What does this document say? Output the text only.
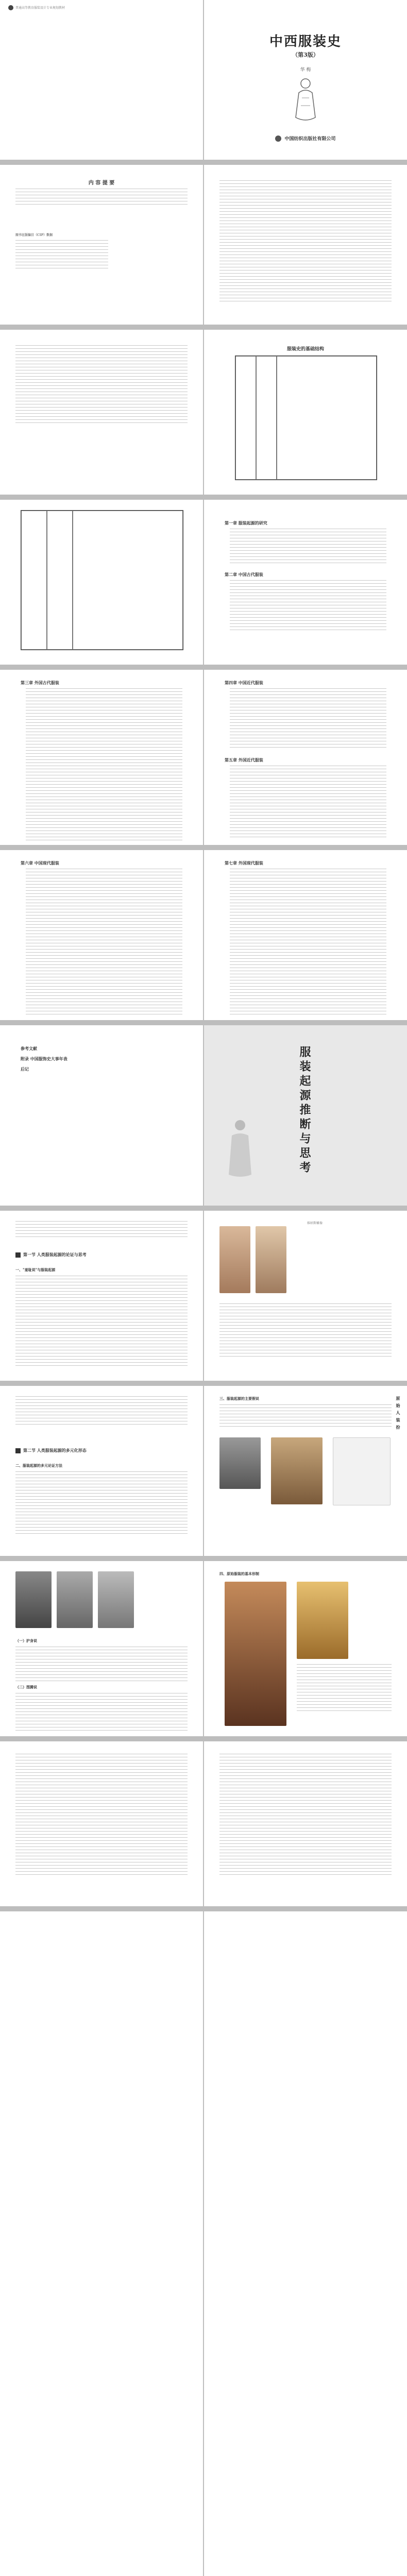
普通高等教育服装设计专业规划教材
中西服装史
（第3版）
华 梅
中国纺织出版社有限公司
内 容 提 要
图书在版编目（CIP）数据
服装史的基础结构
第一章 服装起源的研究
第二章 中国古代服装
第三章 外国古代服装	第四章 中国近代服装
第五章 外国近代服装
第六章 中国现代服装	第七章 外国现代服装
参考文献
附录 中国服饰史大事年表
后记	服装起源推断与思考
第一节 人类服装起源的论证与思考
一、"羞耻说"与服装起源
维纳斯雕像
第二节 人类服装起源的多元化形态
二、服装起源的多元论证方法
三、服装起源的主要假说	原始人装扮
（一）护身说
（二）图腾说
四、原始服装的基本形制
